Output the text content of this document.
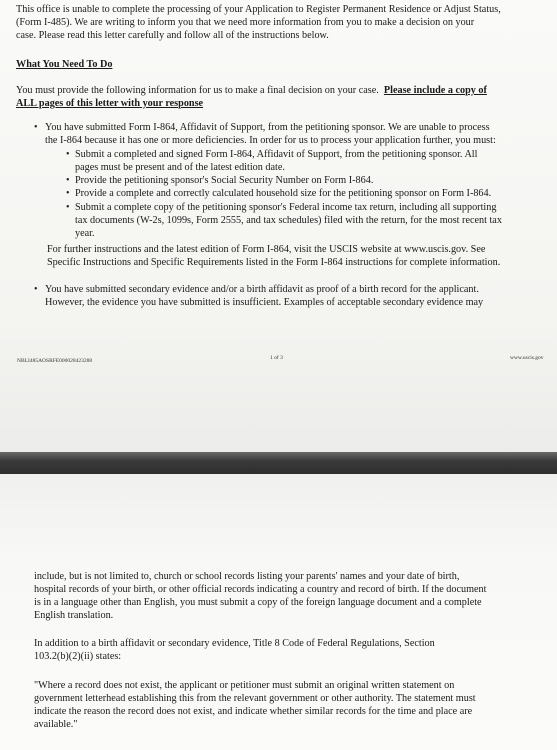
This office is unable to complete the processing of your Application to Register Permanent Residence or Adjust Status,
(Form I-485). We are writing to inform you that we need more information from you to make a decision on your
case. Please read this letter carefully and follow all of the instructions below.
What You Need To Do
You must provide the following information for us to make a final decision on your case. Please include a copy of
ALL pages of this letter with your response
• You have submitted Form I-864, Affidavit of Support, from the petitioning sponsor. We are unable to process
the I-864 because it has one or more deficiencies. In order for us to process your application further, you must:
• Submit a completed and signed Form I-864, Affidavit of Support, from the petitioning sponsor. All
pages must be present and of the latest edition date.
• Provide the petitioning sponsor's Social Security Number on Form I-864.
• Provide a complete and correctly calculated household size for the petitioning sponsor on Form I-864.
• Submit a complete copy of the petitioning sponsor's Federal income tax return, including all supporting
tax documents (W-2s, 1099s, Form 2555, and tax schedules) filed with the return, for the most recent tax
year.
For further instructions and the latest edition of Form I-864, visit the USCIS website at www.uscis.gov. See
Specific Instructions and Specific Requirements listed in the Form I-864 instructions for complete information.
• You have submitted secondary evidence and/or a birth affidavit as proof of a birth record for the applicant.
However, the evidence you have submitted is insufficient. Examples of acceptable secondary evidence may
NBLI485AOSRFE000028423288	1 of 3	www.uscis.gov
include, but is not limited to, church or school records listing your parents' names and your date of birth,
hospital records of your birth, or other official records indicating a country and record of birth. If the document
is in a language other than English, you must submit a copy of the foreign language document and a complete
English translation.
In addition to a birth affidavit or secondary evidence, Title 8 Code of Federal Regulations, Section
103.2(b)(2)(ii) states:
"Where a record does not exist, the applicant or petitioner must submit an original written statement on
government letterhead establishing this from the relevant government or other authority. The statement must
indicate the reason the record does not exist, and indicate whether similar records for the time and place are
available."
